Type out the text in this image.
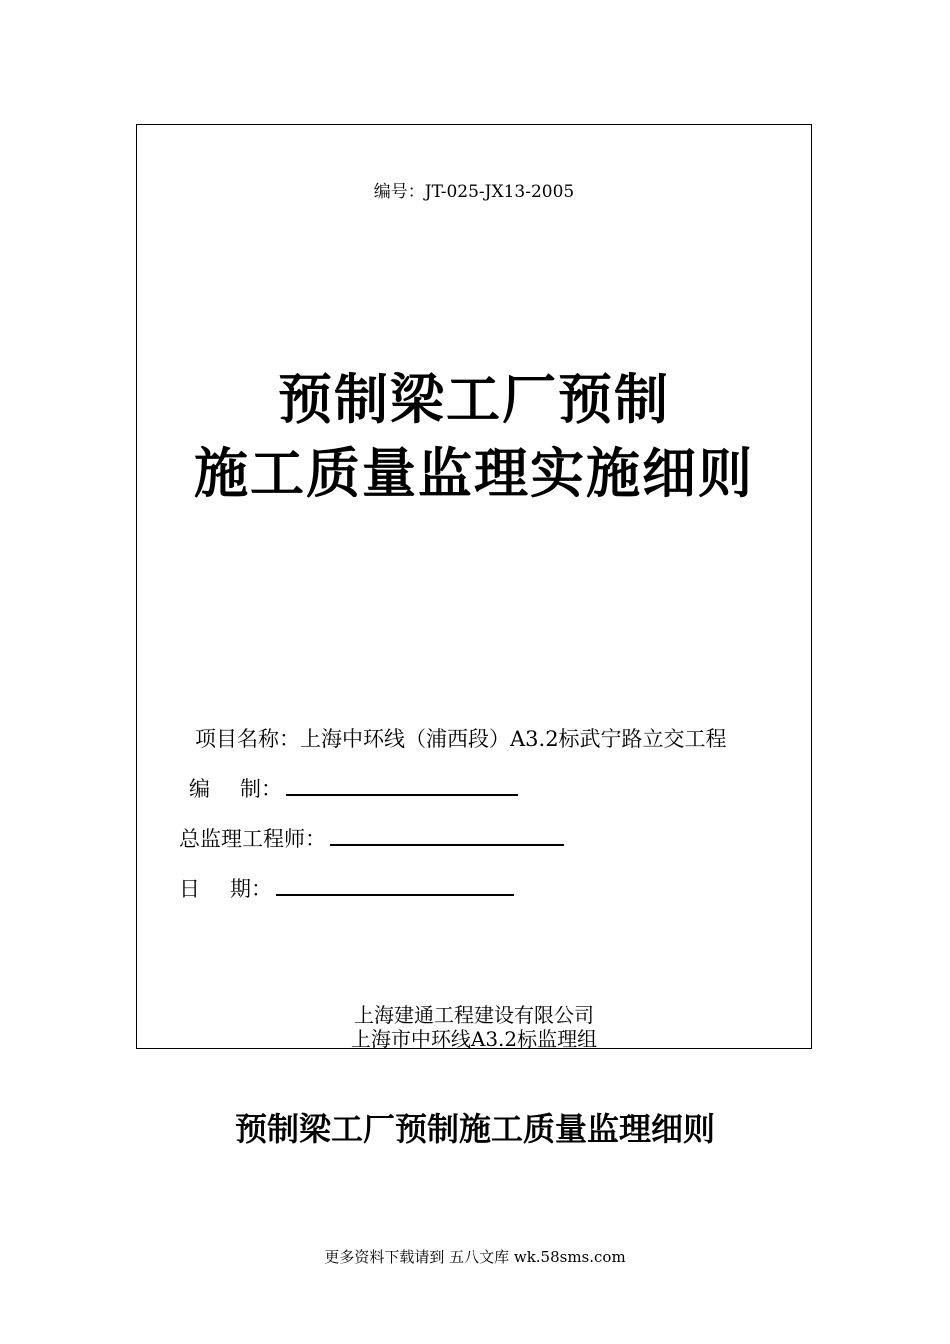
编号：JT-025-JX13-2005
预制梁工厂预制
施工质量监理实施细则
项目名称：上海中环线（浦西段）A3.2标武宁路立交工程
编制：
总监理工程师：
日期：
上海建通工程建设有限公司
上海市中环线A3.2标监理组
预制梁工厂预制施工质量监理细则
更多资料下载请到 五八文库 wk.58sms.com
